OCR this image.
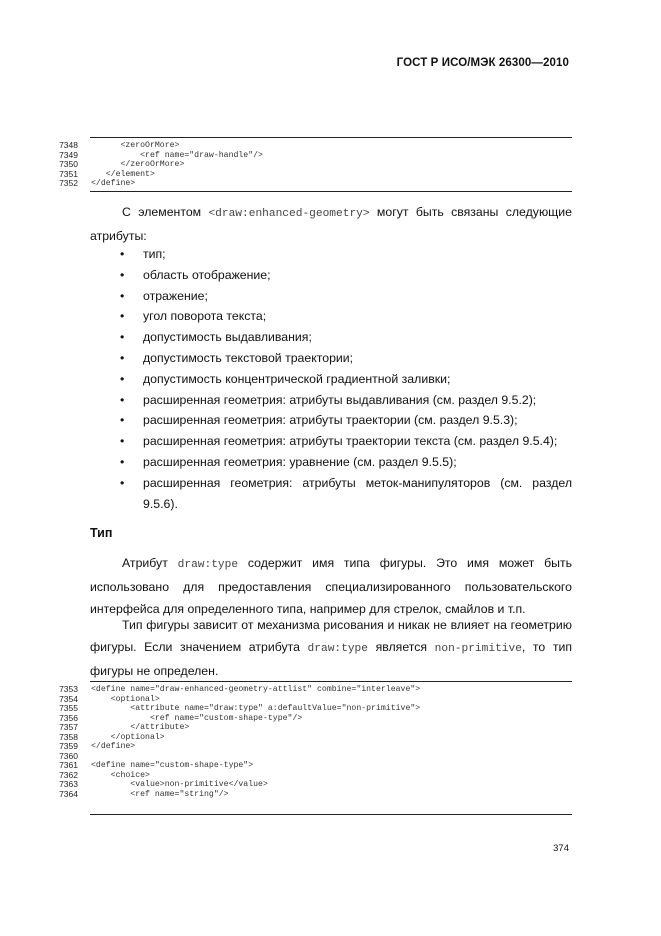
ГОСТ Р ИСО/МЭК 26300—2010
7348 <zeroOrMore>
7349 <ref name="draw-handle"/>
7350 </zeroOrMore>
7351 </element>
7352 </define>
С элементом <draw:enhanced-geometry> могут быть связаны следующие атрибуты:
• тип;
• область отображение;
• отражение;
• угол поворота текста;
• допустимость выдавливания;
• допустимость текстовой траектории;
• допустимость концентрической градиентной заливки;
• расширенная геометрия: атрибуты выдавливания (см. раздел 9.5.2);
• расширенная геометрия: атрибуты траектории (см. раздел 9.5.3);
• расширенная геометрия: атрибуты траектории текста (см. раздел 9.5.4);
• расширенная геометрия: уравнение (см. раздел 9.5.5);
• расширенная геометрия: атрибуты меток-манипуляторов (см. раздел 9.5.6).
Тип
Атрибут draw:type содержит имя типа фигуры. Это имя может быть использовано для предоставления специализированного пользовательского интерфейса для определенного типа, например для стрелок, смайлов и т.п.
Тип фигуры зависит от механизма рисования и никак не влияет на геометрию фигуры. Если значением атрибута draw:type является non-primitive, то тип фигуры не определен.
7353 <define name="draw-enhanced-geometry-attlist" combine="interleave">
7354 <optional>
7355 <attribute name="draw:type" a:defaultValue="non-primitive">
7356 <ref name="custom-shape-type"/>
7357 </attribute>
7358 </optional>
7359 </define>
7360
7361 <define name="custom-shape-type">
7362 <choice>
7363 <value>non-primitive</value>
7364 <ref name="string"/>
374
